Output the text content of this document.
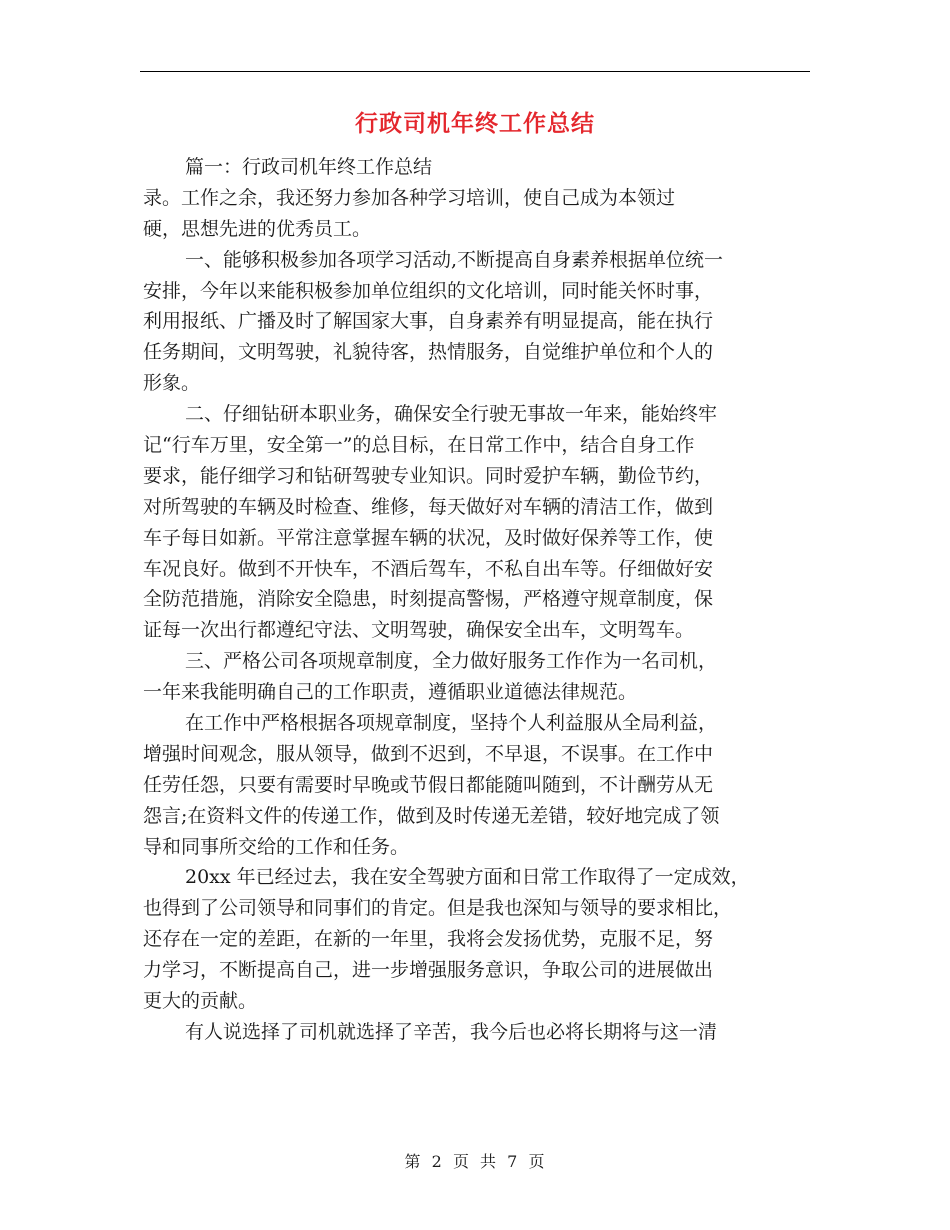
行政司机年终工作总结
篇一：行政司机年终工作总结
录。工作之余，我还努力参加各种学习培训，使自己成为本领过
硬，思想先进的优秀员工。
一、能够积极参加各项学习活动,不断提高自身素养根据单位统一
安排，今年以来能积极参加单位组织的文化培训，同时能关怀时事，
利用报纸、广播及时了解国家大事，自身素养有明显提高，能在执行
任务期间，文明驾驶，礼貌待客，热情服务，自觉维护单位和个人的
形象。
二、仔细钻研本职业务，确保安全行驶无事故一年来，能始终牢
记“行车万里，安全第一”的总目标，在日常工作中，结合自身工作
要求，能仔细学习和钻研驾驶专业知识。同时爱护车辆，勤俭节约，
对所驾驶的车辆及时检查、维修，每天做好对车辆的清洁工作，做到
车子每日如新。平常注意掌握车辆的状况，及时做好保养等工作，使
车况良好。做到不开快车，不酒后驾车，不私自出车等。仔细做好安
全防范措施，消除安全隐患，时刻提高警惕，严格遵守规章制度，保
证每一次出行都遵纪守法、文明驾驶，确保安全出车，文明驾车。
三、严格公司各项规章制度，全力做好服务工作作为一名司机，
一年来我能明确自己的工作职责，遵循职业道德法律规范。
在工作中严格根据各项规章制度，坚持个人利益服从全局利益，
增强时间观念，服从领导，做到不迟到，不早退，不误事。在工作中
任劳任怨，只要有需要时早晚或节假日都能随叫随到，不计酬劳从无
怨言;在资料文件的传递工作，做到及时传递无差错，较好地完成了领
导和同事所交给的工作和任务。
20xx 年已经过去，我在安全驾驶方面和日常工作取得了一定成效，
也得到了公司领导和同事们的肯定。但是我也深知与领导的要求相比，
还存在一定的差距，在新的一年里，我将会发扬优势，克服不足，努
力学习，不断提高自己，进一步增强服务意识，争取公司的进展做出
更大的贡献。
有人说选择了司机就选择了辛苦，我今后也必将长期将与这一清
第 2 页 共 7 页
